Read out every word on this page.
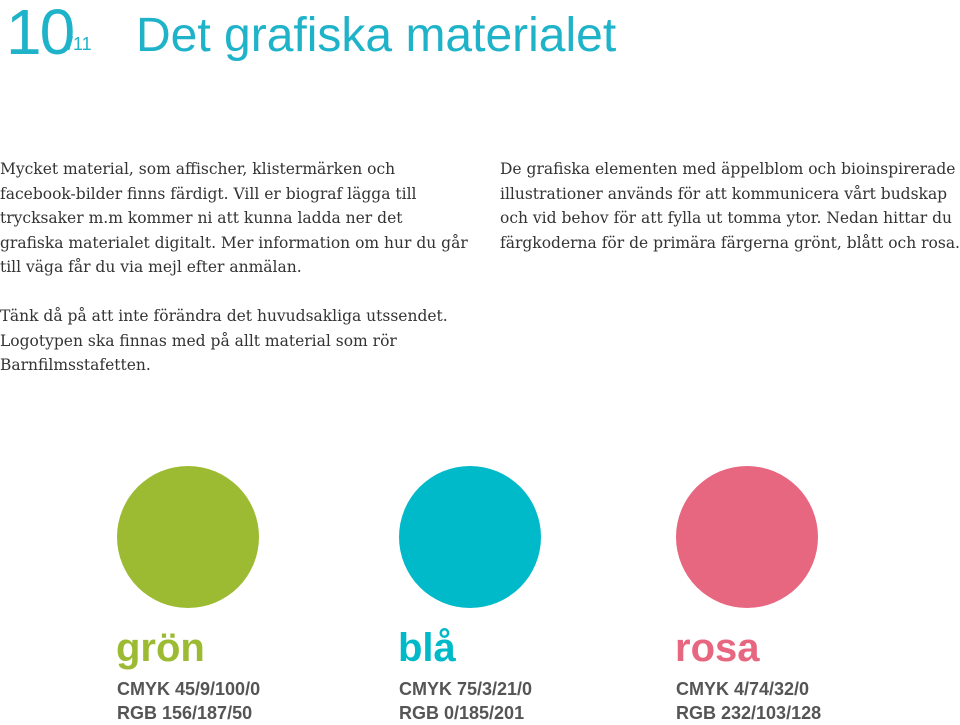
10
/11 Det grafiska materialet

Mycket material, som affischer, klistermärken och facebook-bilder finns färdigt. Vill er biograf lägga till trycksaker m.m kommer ni att kunna ladda ner det grafiska materialet digitalt. Mer information om hur du går till väga får du via mejl efter anmälan.

De grafiska elementen med äppelblom och bioinspirerade illustrationer används för att kommunicera vårt budskap och vid behov för att fylla ut tomma ytor. Nedan hittar du färgkoderna för de primära färgerna grönt, blått och rosa.

Tänk då på att inte förändra det huvudsakliga utssendet. Logotypen ska finnas med på allt material som rör Barnfilmsstafetten.

grön

CMYK 45/9/100/0

RGB 156/187/50

blå

CMYK 75/3/21/0

RGB 0/185/201

rosa

CMYK 4/74/32/0

RGB 232/103/128
